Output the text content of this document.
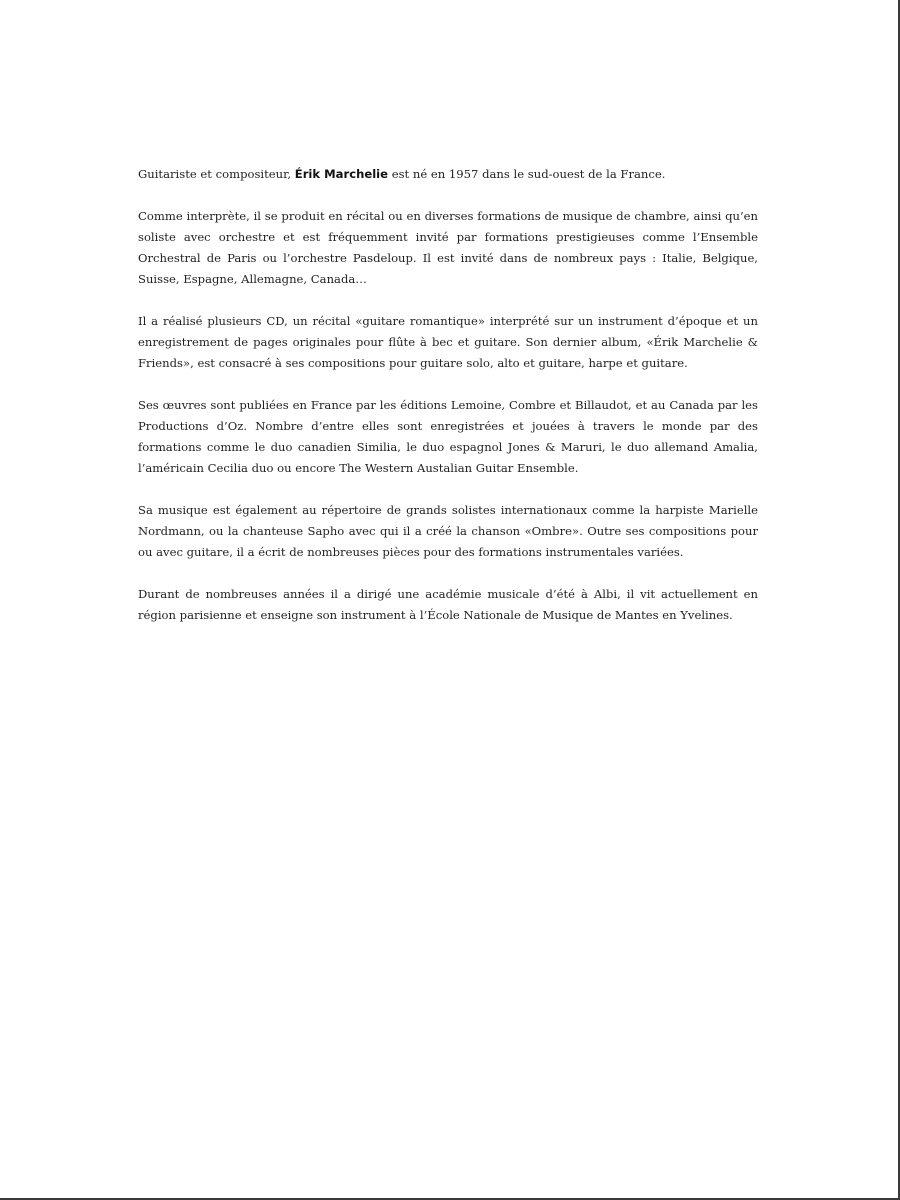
Guitariste et compositeur, Érik Marchelie est né en 1957 dans le sud-ouest de la France.

Comme interprète, il se produit en récital ou en diverses formations de musique de chambre, ainsi qu’en soliste avec orchestre et est fréquemment invité par formations prestigieuses comme l’Ensemble Orchestral de Paris ou l’orchestre Pasdeloup. Il est invité dans de nombreux pays : Italie, Belgique, Suisse, Espagne, Allemagne, Canada…

Il a réalisé plusieurs CD, un récital «guitare romantique» interprété sur un instrument d’époque et un enregistrement de pages originales pour flûte à bec et guitare. Son dernier album, «Érik Marchelie & Friends», est consacré à ses compositions pour guitare solo, alto et guitare, harpe et guitare.

Ses œuvres sont publiées en France par les éditions Lemoine, Combre et Billaudot, et au Canada par les Productions d’Oz. Nombre d’entre elles sont enregistrées et jouées à travers le monde par des formations comme le duo canadien Similia, le duo espagnol Jones & Maruri, le duo allemand Amalia, l’américain Cecilia duo ou encore The Western Austalian Guitar Ensemble.

Sa musique est également au répertoire de grands solistes internationaux comme la harpiste Marielle Nordmann, ou la chanteuse Sapho avec qui il a créé la chanson «Ombre». Outre ses compositions pour ou avec guitare, il a écrit de nombreuses pièces pour des formations instrumentales variées.

Durant de nombreuses années il a dirigé une académie musicale d’été à Albi, il vit actuellement en région parisienne et enseigne son instrument à l’École Nationale de Musique de Mantes en Yvelines.
